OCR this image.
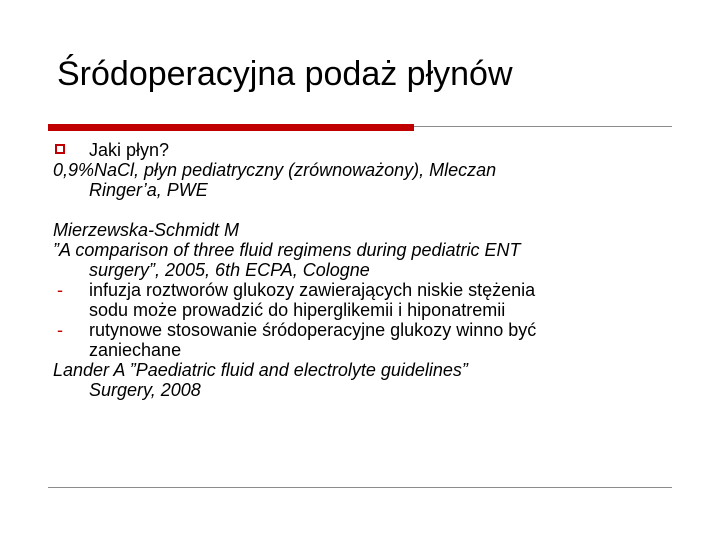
Śródoperacyjna podaż płynów
Jaki płyn?
0,9%NaCl, płyn pediatryczny (zrównoważony), Mleczan
Ringer’a, PWE
Mierzewska-Schmidt M
”A comparison of three fluid regimens during pediatric ENT
surgery”, 2005, 6th ECPA, Cologne
- infuzja roztworów glukozy zawierających niskie stężenia
sodu może prowadzić do hiperglikemii i hiponatremii
- rutynowe stosowanie śródoperacyjne glukozy winno być
zaniechane
Lander A ”Paediatric fluid and electrolyte guidelines”
Surgery, 2008
